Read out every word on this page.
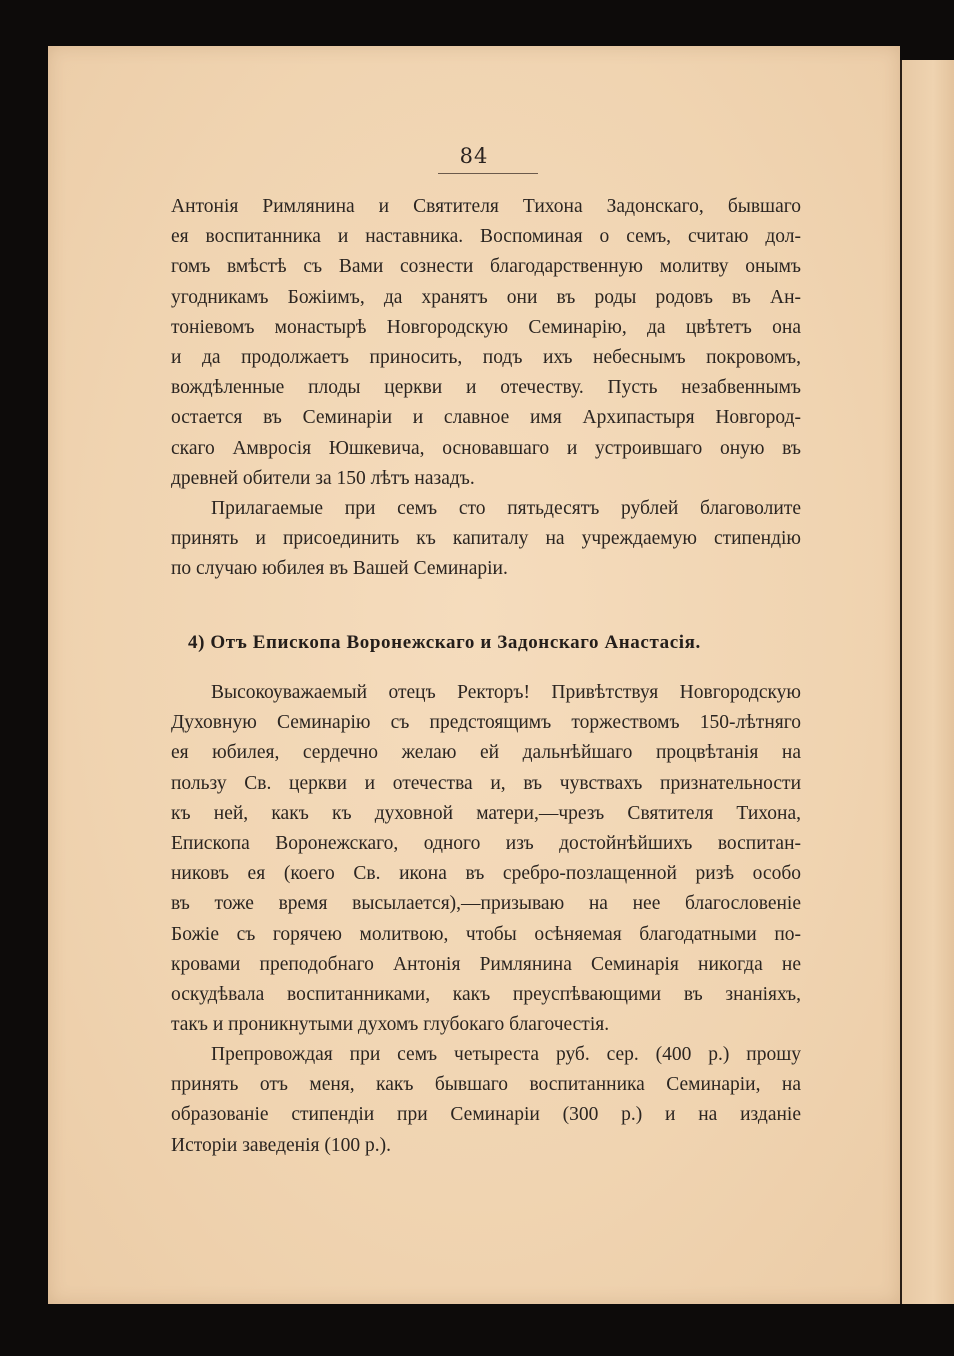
84
Антонія Римлянина и Святителя Тихона Задонскаго, бывшаго
ея воспитанника и наставника. Воспоминая о семъ, считаю дол-
гомъ вмѣстѣ съ Вами сознести благодарственную молитву онымъ
угодникамъ Божіимъ, да хранятъ они въ роды родовъ въ Ан-
тоніевомъ монастырѣ Новгородскую Семинарію, да цвѣтетъ она
и да продолжаетъ приносить, подъ ихъ небеснымъ покровомъ,
вождѣленные плоды церкви и отечеству. Пусть незабвеннымъ
остается въ Семинаріи и славное имя Архипастыря Новгород-
скаго Амвросія Юшкевича, основавшаго и устроившаго оную въ
древней обители за 150 лѣтъ назадъ.
Прилагаемые при семъ сто пятьдесятъ рублей благоволите
принять и присоединить къ капиталу на учреждаемую стипендію
по случаю юбилея въ Вашей Семинаріи.
4) Отъ Епископа Воронежскаго и Задонскаго Анастасія.
Высокоуважаемый отецъ Ректоръ! Привѣтствуя Новгородскую
Духовную Семинарію съ предстоящимъ торжествомъ 150-лѣтняго
ея юбилея, сердечно желаю ей дальнѣйшаго процвѣтанія на
пользу Св. церкви и отечества и, въ чувствахъ признательности
къ ней, какъ къ духовной матери,—чрезъ Святителя Тихона,
Епископа Воронежскаго, одного изъ достойнѣйшихъ воспитан-
никовъ ея (коего Св. икона въ сребро-позлащенной ризѣ особо
въ тоже время высылается),—призываю на нее благословеніе
Божіе съ горячею молитвою, чтобы осѣняемая благодатными по-
кровами преподобнаго Антонія Римлянина Семинарія никогда не
оскудѣвала воспитанниками, какъ преуспѣвающими въ знаніяхъ,
такъ и проникнутыми духомъ глубокаго благочестія.
Препровождая при семъ четыреста руб. сер. (400 р.) прошу
принять отъ меня, какъ бывшаго воспитанника Семинаріи, на
образованіе стипендіи при Семинаріи (300 р.) и на изданіе
Исторіи заведенія (100 р.).
